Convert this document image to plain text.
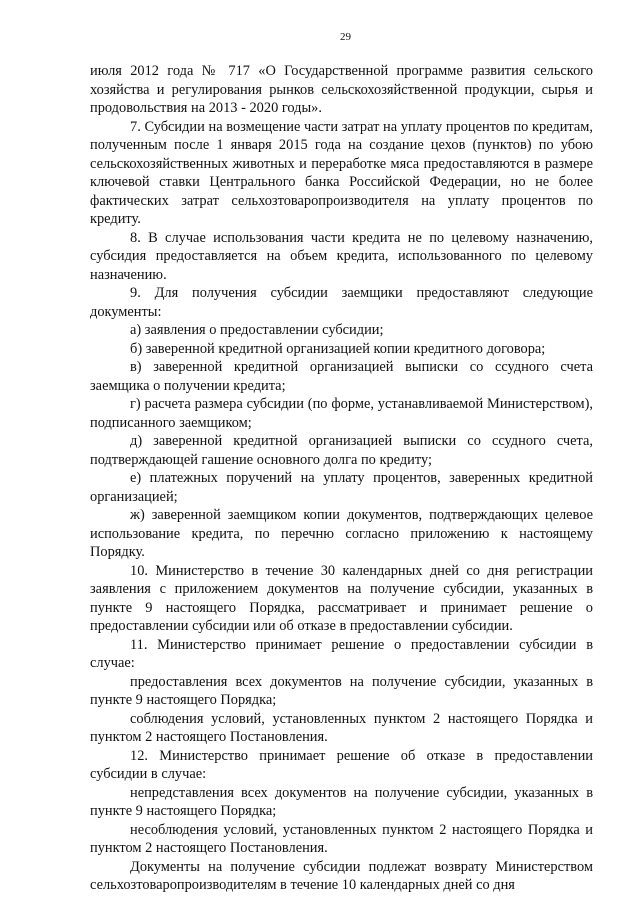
29

июля 2012 года № 717 «О Государственной программе развития сельского хозяйства и регулирования рынков сельскохозяйственной продукции, сырья и продовольствия на 2013 - 2020 годы».

7. Субсидии на возмещение части затрат на уплату процентов по кредитам, полученным после 1 января 2015 года на создание цехов (пунктов) по убою сельскохозяйственных животных и переработке мяса предоставляются в размере ключевой ставки Центрального банка Российской Федерации, но не более фактических затрат сельхозтоваропроизводителя на уплату процентов по кредиту.

8. В случае использования части кредита не по целевому назначению, субсидия предоставляется на объем кредита, использованного по целевому назначению.

9. Для получения субсидии заемщики предоставляют следующие документы:

а) заявления о предоставлении субсидии;

б) заверенной кредитной организацией копии кредитного договора;

в) заверенной кредитной организацией выписки со ссудного счета заемщика о получении кредита;

г) расчета размера субсидии (по форме, устанавливаемой Министерством), подписанного заемщиком;

д) заверенной кредитной организацией выписки со ссудного счета, подтверждающей гашение основного долга по кредиту;

е) платежных поручений на уплату процентов, заверенных кредитной организацией;

ж) заверенной заемщиком копии документов, подтверждающих целевое использование кредита, по перечню согласно приложению к настоящему Порядку.

10. Министерство в течение 30 календарных дней со дня регистрации заявления с приложением документов на получение субсидии, указанных в пункте 9 настоящего Порядка, рассматривает и принимает решение о предоставлении субсидии или об отказе в предоставлении субсидии.

11. Министерство принимает решение о предоставлении субсидии в случае:

предоставления всех документов на получение субсидии, указанных в пункте 9 настоящего Порядка;

соблюдения условий, установленных пунктом 2 настоящего Порядка и пунктом 2 настоящего Постановления.

12. Министерство принимает решение об отказе в предоставлении субсидии в случае:

непредставления всех документов на получение субсидии, указанных в пункте 9 настоящего Порядка;

несоблюдения условий, установленных пунктом 2 настоящего Порядка и пунктом 2 настоящего Постановления.

Документы на получение субсидии подлежат возврату Министерством сельхозтоваропроизводителям в течение 10 календарных дней со дня
